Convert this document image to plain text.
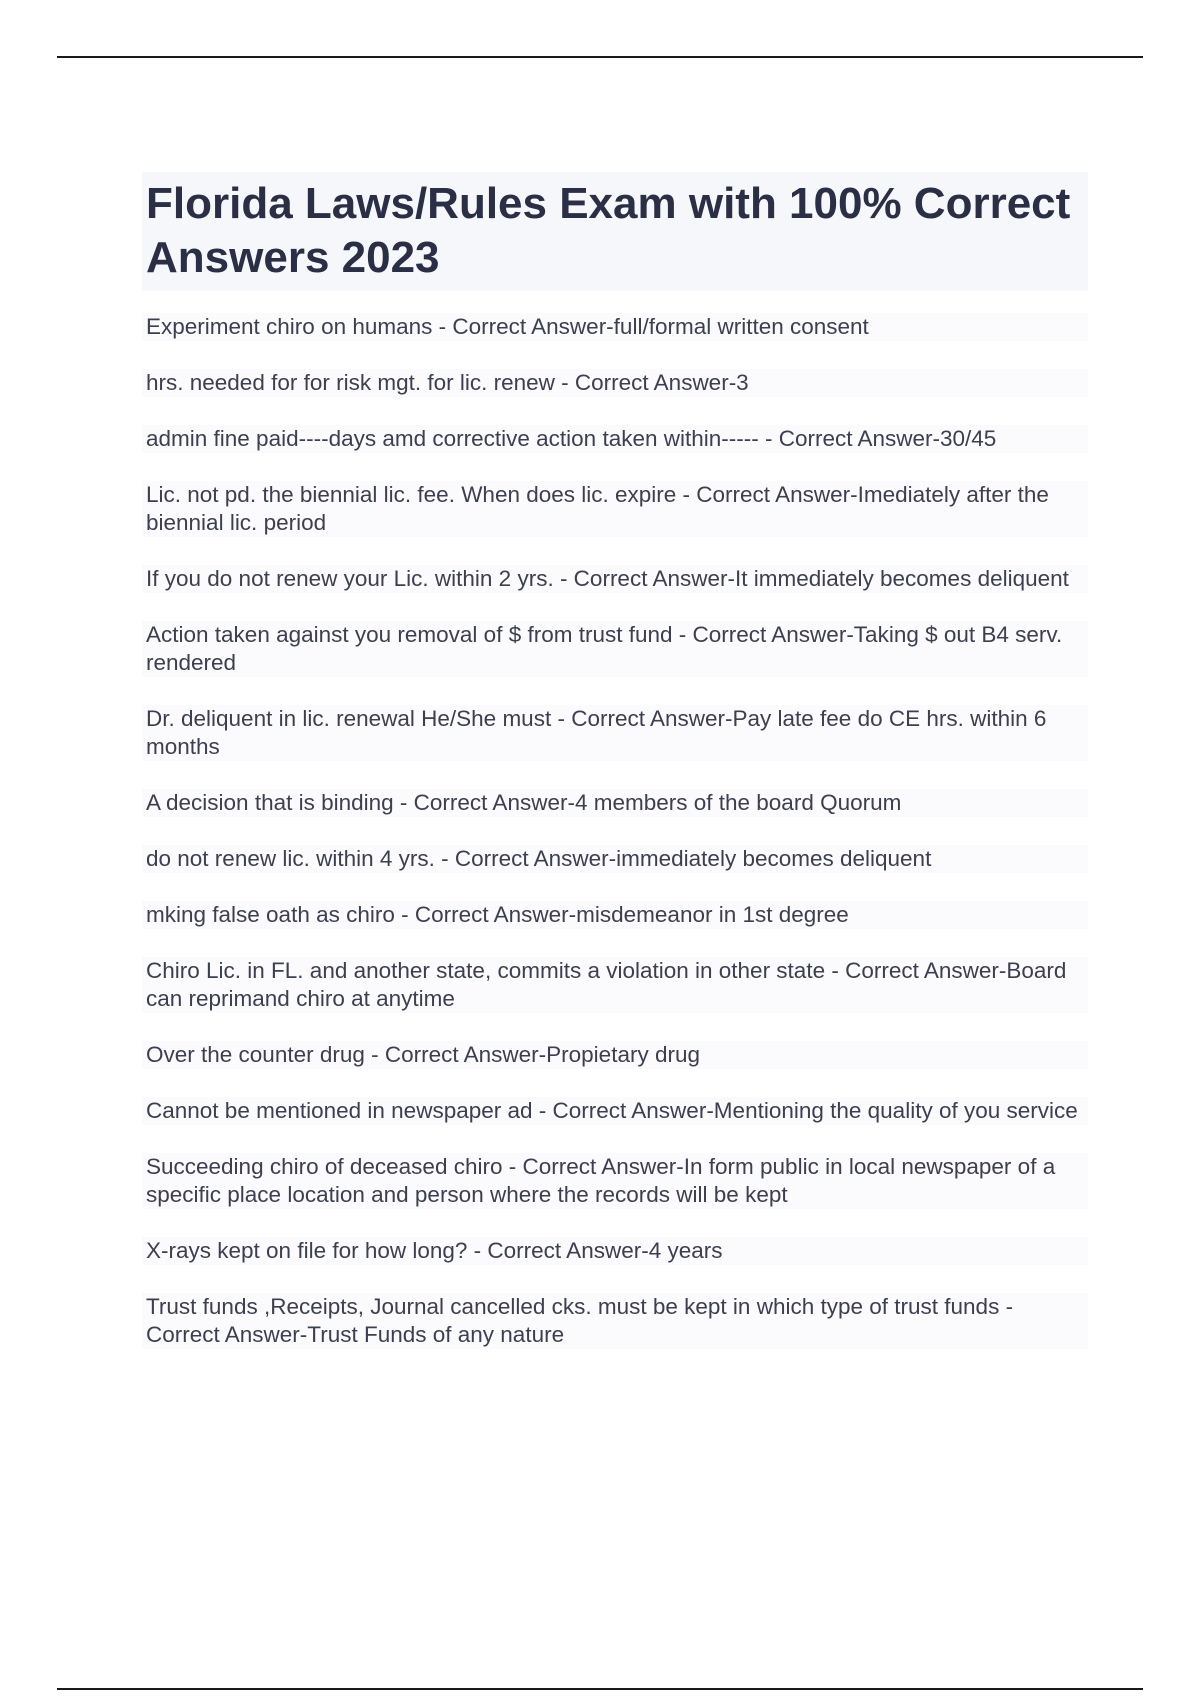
Florida Laws/Rules Exam with 100% Correct Answers 2023
Experiment chiro on humans - Correct Answer-full/formal written consent
hrs. needed for for risk mgt. for lic. renew - Correct Answer-3
admin fine paid----days amd corrective action taken within----- - Correct Answer-30/45
Lic. not pd. the biennial lic. fee. When does lic. expire - Correct Answer-Imediately after the biennial lic. period
If you do not renew your Lic. within 2 yrs. - Correct Answer-It immediately becomes deliquent
Action taken against you removal of $ from trust fund - Correct Answer-Taking $ out B4 serv. rendered
Dr. deliquent in lic. renewal He/She must - Correct Answer-Pay late fee do CE hrs. within 6 months
A decision that is binding - Correct Answer-4 members of the board Quorum
do not renew lic. within 4 yrs. - Correct Answer-immediately becomes deliquent
mking false oath as chiro - Correct Answer-misdemeanor in 1st degree
Chiro Lic. in FL. and another state, commits a violation in other state - Correct Answer-Board can reprimand chiro at anytime
Over the counter drug - Correct Answer-Propietary drug
Cannot be mentioned in newspaper ad - Correct Answer-Mentioning the quality of you service
Succeeding chiro of deceased chiro - Correct Answer-In form public in local newspaper of a specific place location and person where the records will be kept
X-rays kept on file for how long? - Correct Answer-4 years
Trust funds ,Receipts, Journal cancelled cks. must be kept in which type of trust funds - Correct Answer-Trust Funds of any nature
